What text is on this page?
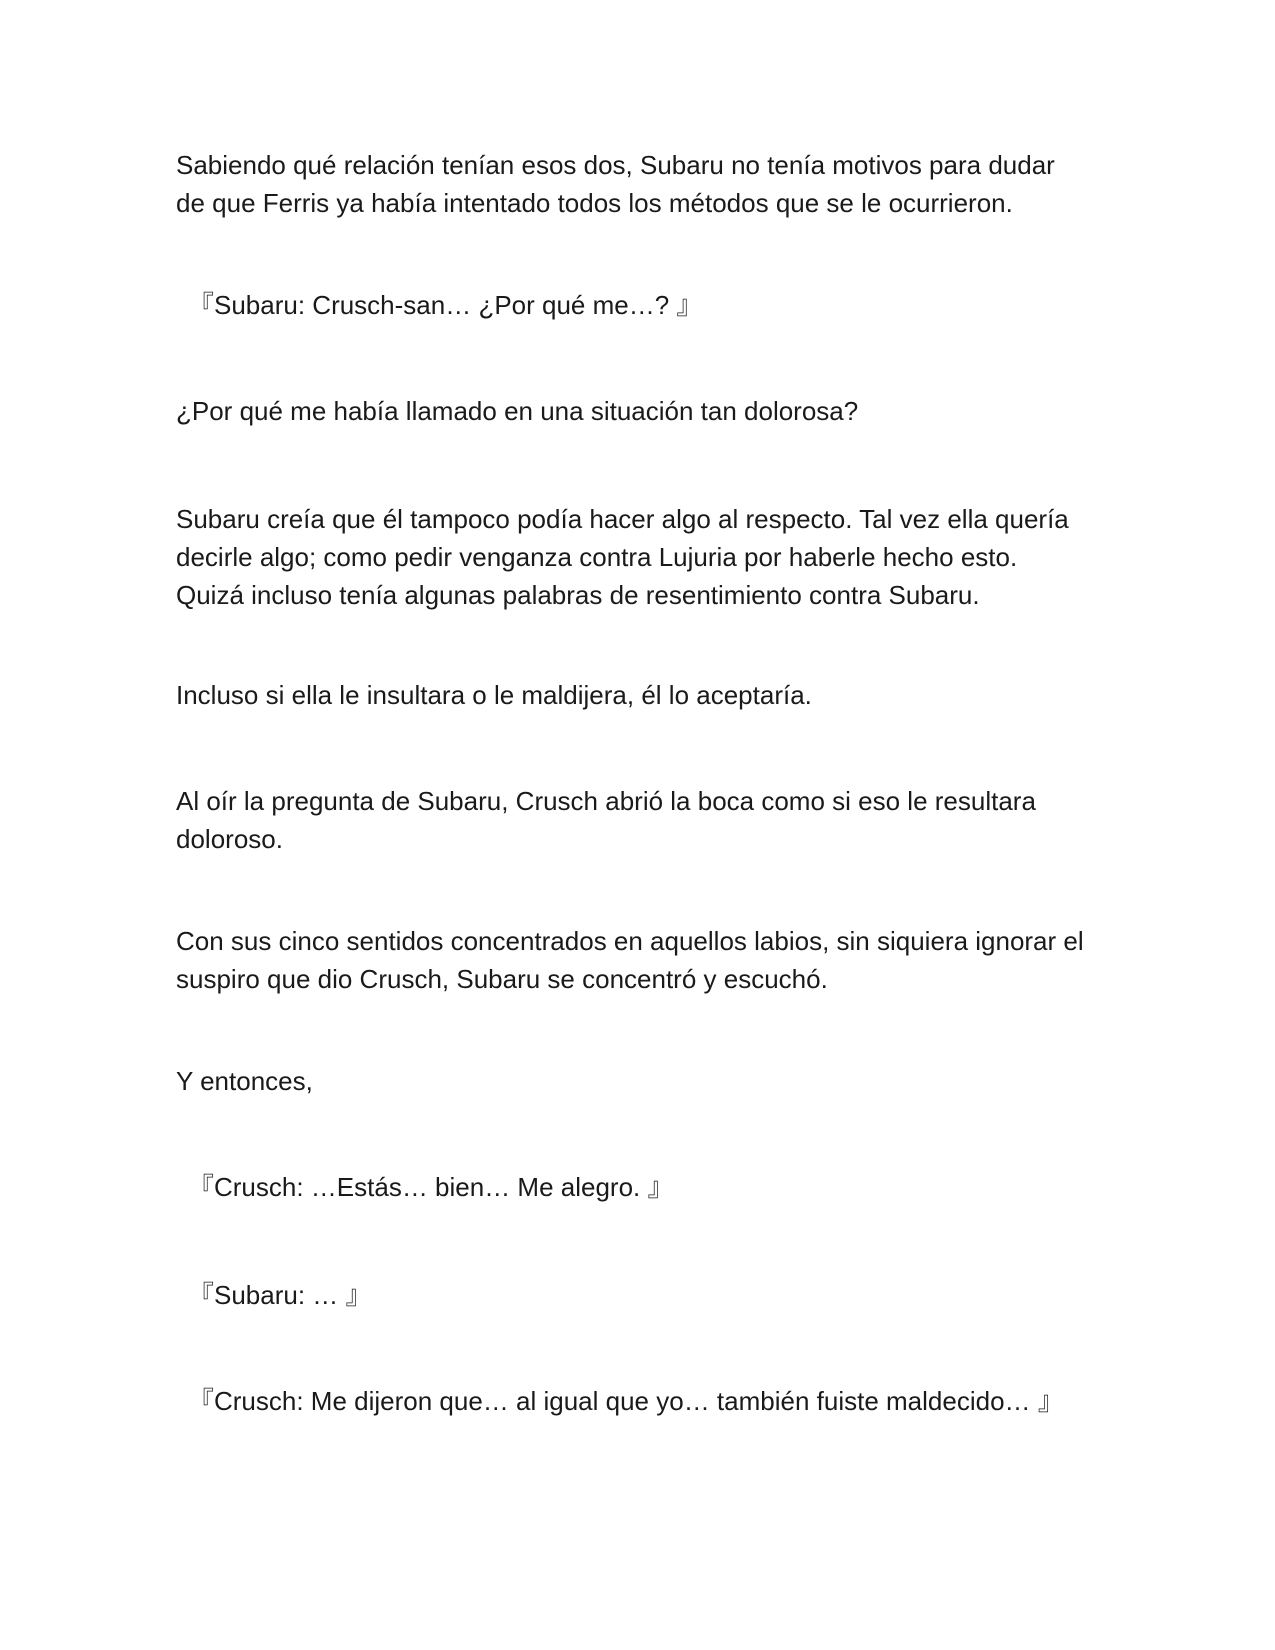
Sabiendo qué relación tenían esos dos, Subaru no tenía motivos para dudar
de que Ferris ya había intentado todos los métodos que se le ocurrieron.

『Subaru: Crusch-san… ¿Por qué me…? 』

¿Por qué me había llamado en una situación tan dolorosa?

Subaru creía que él tampoco podía hacer algo al respecto. Tal vez ella quería
decirle algo; como pedir venganza contra Lujuria por haberle hecho esto.
Quizá incluso tenía algunas palabras de resentimiento contra Subaru.

Incluso si ella le insultara o le maldijera, él lo aceptaría.

Al oír la pregunta de Subaru, Crusch abrió la boca como si eso le resultara
doloroso.

Con sus cinco sentidos concentrados en aquellos labios, sin siquiera ignorar el
suspiro que dio Crusch, Subaru se concentró y escuchó.

Y entonces,

『Crusch: …Estás… bien… Me alegro. 』

『Subaru: … 』

『Crusch: Me dijeron que… al igual que yo… también fuiste maldecido… 』
